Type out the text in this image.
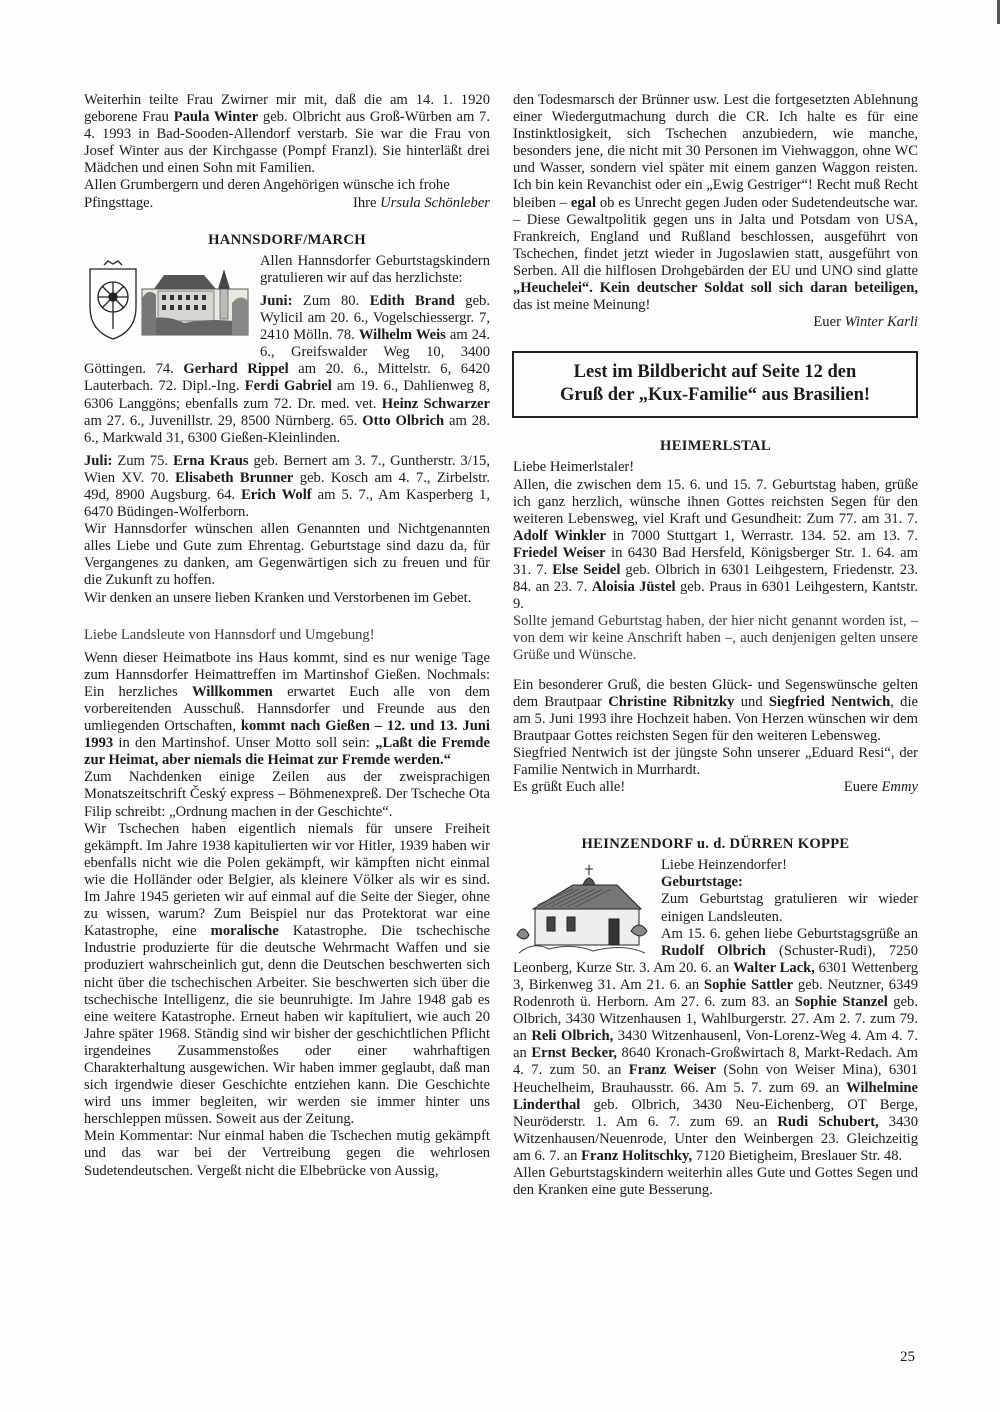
Weiterhin teilte Frau Zwirner mir mit, daß die am 14. 1. 1920 geborene Frau Paula Winter geb. Olbricht aus Groß-Würben am 7. 4. 1993 in Bad-Sooden-Allendorf verstarb. Sie war die Frau von Josef Winter aus der Kirchgasse (Pompf Franzl). Sie hinterläßt drei Mädchen und einen Sohn mit Familien.

Allen Grumbergern und deren Angehörigen wünsche ich frohe

Pfingsttage.	Ihre Ursula Schönleber
HANNSDORF/MARCH

Allen Hannsdorfer Geburtstagskindern gratulieren wir auf das herzlichste:

Juni: Zum 80. Edith Brand geb. Wylicil am 20. 6., Vogelschiessergr. 7, 2410 Mölln. 78. Wilhelm Weis am 24. 6., Greifswalder Weg 10, 3400 Göttingen. 74. Gerhard Rippel am 20. 6., Mittelstr. 6, 6420 Lauterbach. 72. Dipl.-Ing. Ferdi Gabriel am 19. 6., Dahlienweg 8, 6306 Langgöns; ebenfalls zum 72. Dr. med. vet. Heinz Schwarzer am 27. 6., Juvenillstr. 29, 8500 Nürnberg. 65. Otto Olbrich am 28. 6., Markwald 31, 6300 Gießen-Kleinlinden.

Juli: Zum 75. Erna Kraus geb. Bernert am 3. 7., Guntherstr. 3/15, Wien XV. 70. Elisabeth Brunner geb. Kosch am 4. 7., Zirbelstr. 49d, 8900 Augsburg. 64. Erich Wolf am 5. 7., Am Kasperberg 1, 6470 Büdingen-Wolferborn.

Wir Hannsdorfer wünschen allen Genannten und Nichtgenannten alles Liebe und Gute zum Ehrentag. Geburtstage sind dazu da, für Vergangenes zu danken, am Gegenwärtigen sich zu freuen und für die Zukunft zu hoffen.

Wir denken an unsere lieben Kranken und Verstorbenen im Gebet.

Liebe Landsleute von Hannsdorf und Umgebung!

Wenn dieser Heimatbote ins Haus kommt, sind es nur wenige Tage zum Hannsdorfer Heimattreffen im Martinshof Gießen. Nochmals: Ein herzliches Willkommen erwartet Euch alle von dem vorbereitenden Ausschuß. Hannsdorfer und Freunde aus den umliegenden Ortschaften, kommt nach Gießen – 12. und 13. Juni 1993 in den Martinshof. Unser Motto soll sein: „Laßt die Fremde zur Heimat, aber niemals die Heimat zur Fremde werden.“

Zum Nachdenken einige Zeilen aus der zweisprachigen Monatszeitschrift Český express – Böhmenexpreß. Der Tscheche Ota Filip schreibt: „Ordnung machen in der Geschichte“.

Wir Tschechen haben eigentlich niemals für unsere Freiheit gekämpft. Im Jahre 1938 kapitulierten wir vor Hitler, 1939 haben wir ebenfalls nicht wie die Polen gekämpft, wir kämpften nicht einmal wie die Holländer oder Belgier, als kleinere Völker als wir es sind. Im Jahre 1945 gerieten wir auf einmal auf die Seite der Sieger, ohne zu wissen, warum? Zum Beispiel nur das Protektorat war eine Katastrophe, eine moralische Katastrophe. Die tschechische Industrie produzierte für die deutsche Wehrmacht Waffen und sie produziert wahrscheinlich gut, denn die Deutschen beschwerten sich nicht über die tschechischen Arbeiter. Sie beschwerten sich über die tschechische Intelligenz, die sie beunruhigte. Im Jahre 1948 gab es eine weitere Katastrophe. Erneut haben wir kapituliert, wie auch 20 Jahre später 1968. Ständig sind wir bisher der geschichtlichen Pflicht irgendeines Zusammenstoßes oder einer wahrhaftigen Charakterhaltung ausgewichen. Wir haben immer geglaubt, daß man sich irgendwie dieser Geschichte entziehen kann. Die Geschichte wird uns immer begleiten, wir werden sie immer hinter uns herschleppen müssen. Soweit aus der Zeitung.

Mein Kommentar: Nur einmal haben die Tschechen mutig gekämpft und das war bei der Vertreibung gegen die wehrlosen Sudetendeutschen. Vergeßt nicht die Elbebrücke von Aussig,

den Todesmarsch der Brünner usw. Lest die fortgesetzten Ablehnung einer Wiedergutmachung durch die CR. Ich halte es für eine Instinktlosigkeit, sich Tschechen anzubiedern, wie manche, besonders jene, die nicht mit 30 Personen im Viehwaggon, ohne WC und Wasser, sondern viel später mit einem ganzen Waggon reisten. Ich bin kein Revanchist oder ein „Ewig Gestriger“! Recht muß Recht bleiben – egal ob es Unrecht gegen Juden oder Sudetendeutsche war. – Diese Gewaltpolitik gegen uns in Jalta und Potsdam von USA, Frankreich, England und Rußland beschlossen, ausgeführt von Tschechen, findet jetzt wieder in Jugoslawien statt, ausgeführt von Serben. All die hilflosen Drohgebärden der EU und UNO sind glatte „Heuchelei“. Kein deutscher Soldat soll sich daran beteiligen, das ist meine Meinung!

Euer Winter Karli

Lest im Bildbericht auf Seite 12 den
Gruß der „Kux-Familie“ aus Brasilien!
HEIMERLSTAL

Liebe Heimerlstaler!

Allen, die zwischen dem 15. 6. und 15. 7. Geburtstag haben, grüße ich ganz herzlich, wünsche ihnen Gottes reichsten Segen für den weiteren Lebensweg, viel Kraft und Gesundheit: Zum 77. am 31. 7. Adolf Winkler in 7000 Stuttgart 1, Werrastr. 134. 52. am 13. 7. Friedel Weiser in 6430 Bad Hersfeld, Königsberger Str. 1. 64. am 31. 7. Else Seidel geb. Olbrich in 6301 Leihgestern, Friedenstr. 23. 84. an 23. 7. Aloisia Jüstel geb. Praus in 6301 Leihgestern, Kantstr. 9.

Sollte jemand Geburtstag haben, der hier nicht genannt worden ist, – von dem wir keine Anschrift haben –, auch denjenigen gelten unsere Grüße und Wünsche.

Ein besonderer Gruß, die besten Glück- und Segenswünsche gelten dem Brautpaar Christine Ribnitzky und Siegfried Nentwich, die am 5. Juni 1993 ihre Hochzeit haben. Von Herzen wünschen wir dem Brautpaar Gottes reichsten Segen für den weiteren Lebensweg.

Siegfried Nentwich ist der jüngste Sohn unserer „Eduard Resi“, der Familie Nentwich in Murrhardt.

Es grüßt Euch alle!	Euere Emmy
HEINZENDORF u. d. DÜRREN KOPPE

Liebe Heinzendorfer!

Geburtstage:

Zum Geburtstag gratulieren wir wieder einigen Landsleuten.

Am 15. 6. gehen liebe Geburtstagsgrüße an Rudolf Olbrich (Schuster-Rudi), 7250 Leonberg, Kurze Str. 3. Am 20. 6. an Walter Lack, 6301 Wettenberg 3, Birkenweg 31. Am 21. 6. an Sophie Sattler geb. Neutzner, 6349 Rodenroth ü. Herborn. Am 27. 6. zum 83. an Sophie Stanzel geb. Olbrich, 3430 Witzenhausen 1, Wahlburgerstr. 27. Am 2. 7. zum 79. an Reli Olbrich, 3430 Witzenhausenl, Von-Lorenz-Weg 4. Am 4. 7. an Ernst Becker, 8640 Kronach-Großwirtach 8, Markt-Redach. Am 4. 7. zum 50. an Franz Weiser (Sohn von Weiser Mina), 6301 Heuchelheim, Brauhausstr. 66. Am 5. 7. zum 69. an Wilhelmine Linderthal geb. Olbrich, 3430 Neu-Eichenberg, OT Berge, Neuröderstr. 1. Am 6. 7. zum 69. an Rudi Schubert, 3430 Witzenhausen/Neuenrode, Unter den Weinbergen 23. Gleichzeitig am 6. 7. an Franz Holitschky, 7120 Bietigheim, Breslauer Str. 48.

Allen Geburtstagskindern weiterhin alles Gute und Gottes Segen und den Kranken eine gute Besserung.

25
